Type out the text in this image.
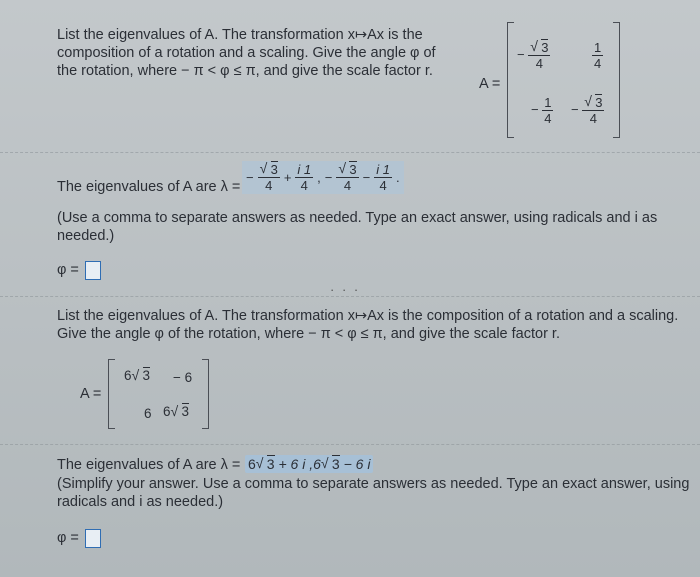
List the eigenvalues of A. The transformation x↦Ax is the
composition of a rotation and a scaling. Give the angle φ of
the rotation, where − π < φ ≤ π, and give the scale factor r.
A =
− √ $\frac{3}{4}$	$\frac{1}{4}$
− $\frac{1}{4}$ − √ $\frac{3}{4}$
The eigenvalues of A are λ =
− √ $\frac{3}{4} + \frac{i 1}{4}$ , − √ $\frac{3}{4} - \frac{i 1}{4}$ .
(Use a comma to separate answers as needed. Type an exact answer, using radicals and i as
needed.)
φ =
· · ·
List the eigenvalues of A. The transformation x↦Ax is the composition of a rotation and a scaling.
Give the angle φ of the rotation, where − π < φ ≤ π, and give the scale factor r.
A =
6 √ 3 − 6
6 6 √ 3
The eigenvalues of A are λ = 6 √ 3 + 6 i ,6 √ 3 − 6 i
(Simplify your answer. Use a comma to separate answers as needed. Type an exact answer, using
radicals and i as needed.)
φ =
